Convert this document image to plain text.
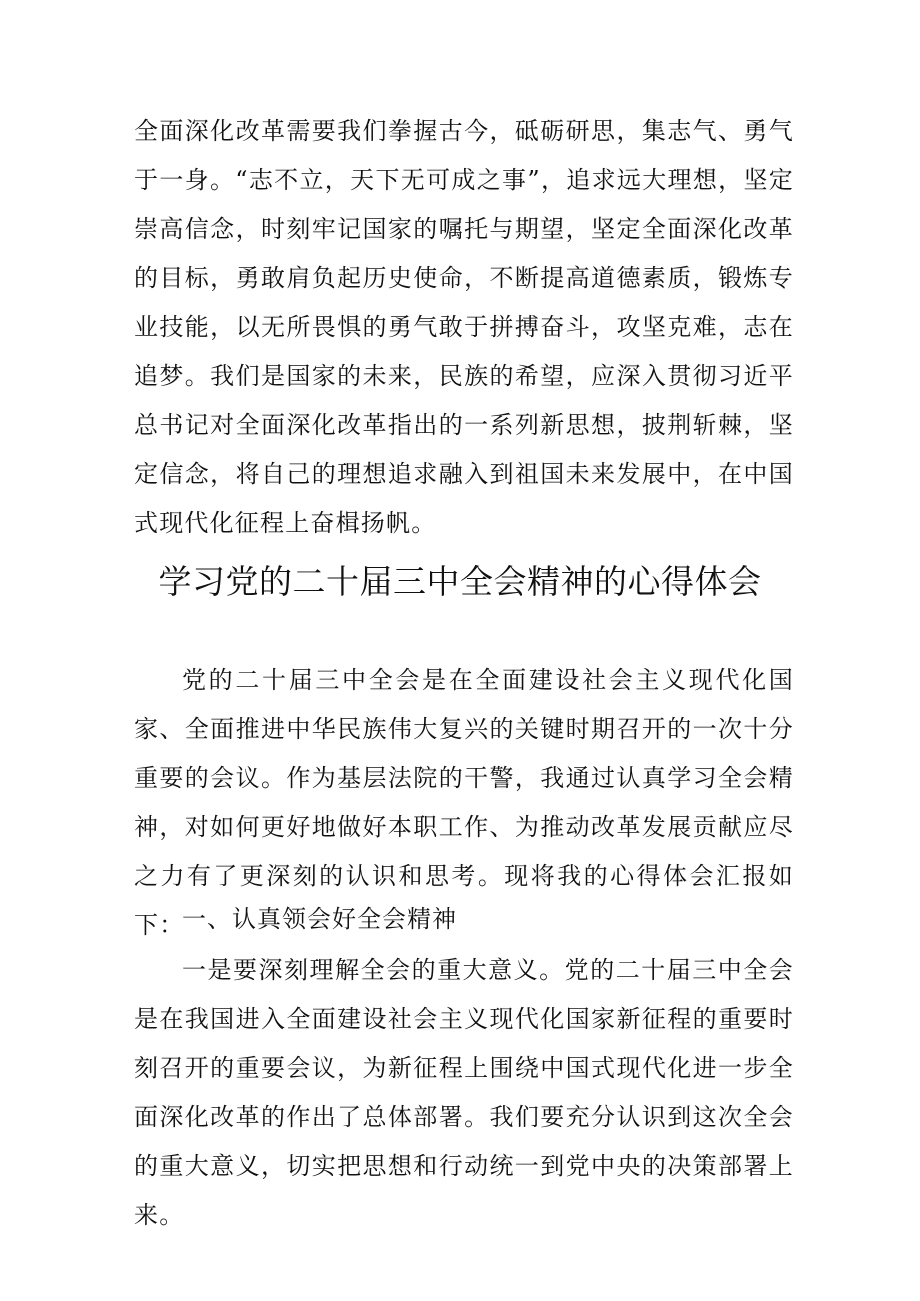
全面深化改革需要我们拳握古今，砥砺研思，集志气、勇气于一身。“志不立，天下无可成之事”，追求远大理想，坚定崇高信念，时刻牢记国家的嘱托与期望，坚定全面深化改革的目标，勇敢肩负起历史使命，不断提高道德素质，锻炼专业技能，以无所畏惧的勇气敢于拼搏奋斗，攻坚克难，志在追梦。我们是国家的未来，民族的希望，应深入贯彻习近平总书记对全面深化改革指出的一系列新思想，披荆斩棘，坚定信念，将自己的理想追求融入到祖国未来发展中，在中国式现代化征程上奋楫扬帆。

学习党的二十届三中全会精神的心得体会

党的二十届三中全会是在全面建设社会主义现代化国家、全面推进中华民族伟大复兴的关键时期召开的一次十分重要的会议。作为基层法院的干警，我通过认真学习全会精神，对如何更好地做好本职工作、为推动改革发展贡献应尽之力有了更深刻的认识和思考。现将我的心得体会汇报如下：

一、认真领会好全会精神

一是要深刻理解全会的重大意义。党的二十届三中全会是在我国进入全面建设社会主义现代化国家新征程的重要时刻召开的重要会议，为新征程上围绕中国式现代化进一步全面深化改革的作出了总体部署。我们要充分认识到这次全会的重大意义，切实把思想和行动统一到党中央的决策部署上来。
